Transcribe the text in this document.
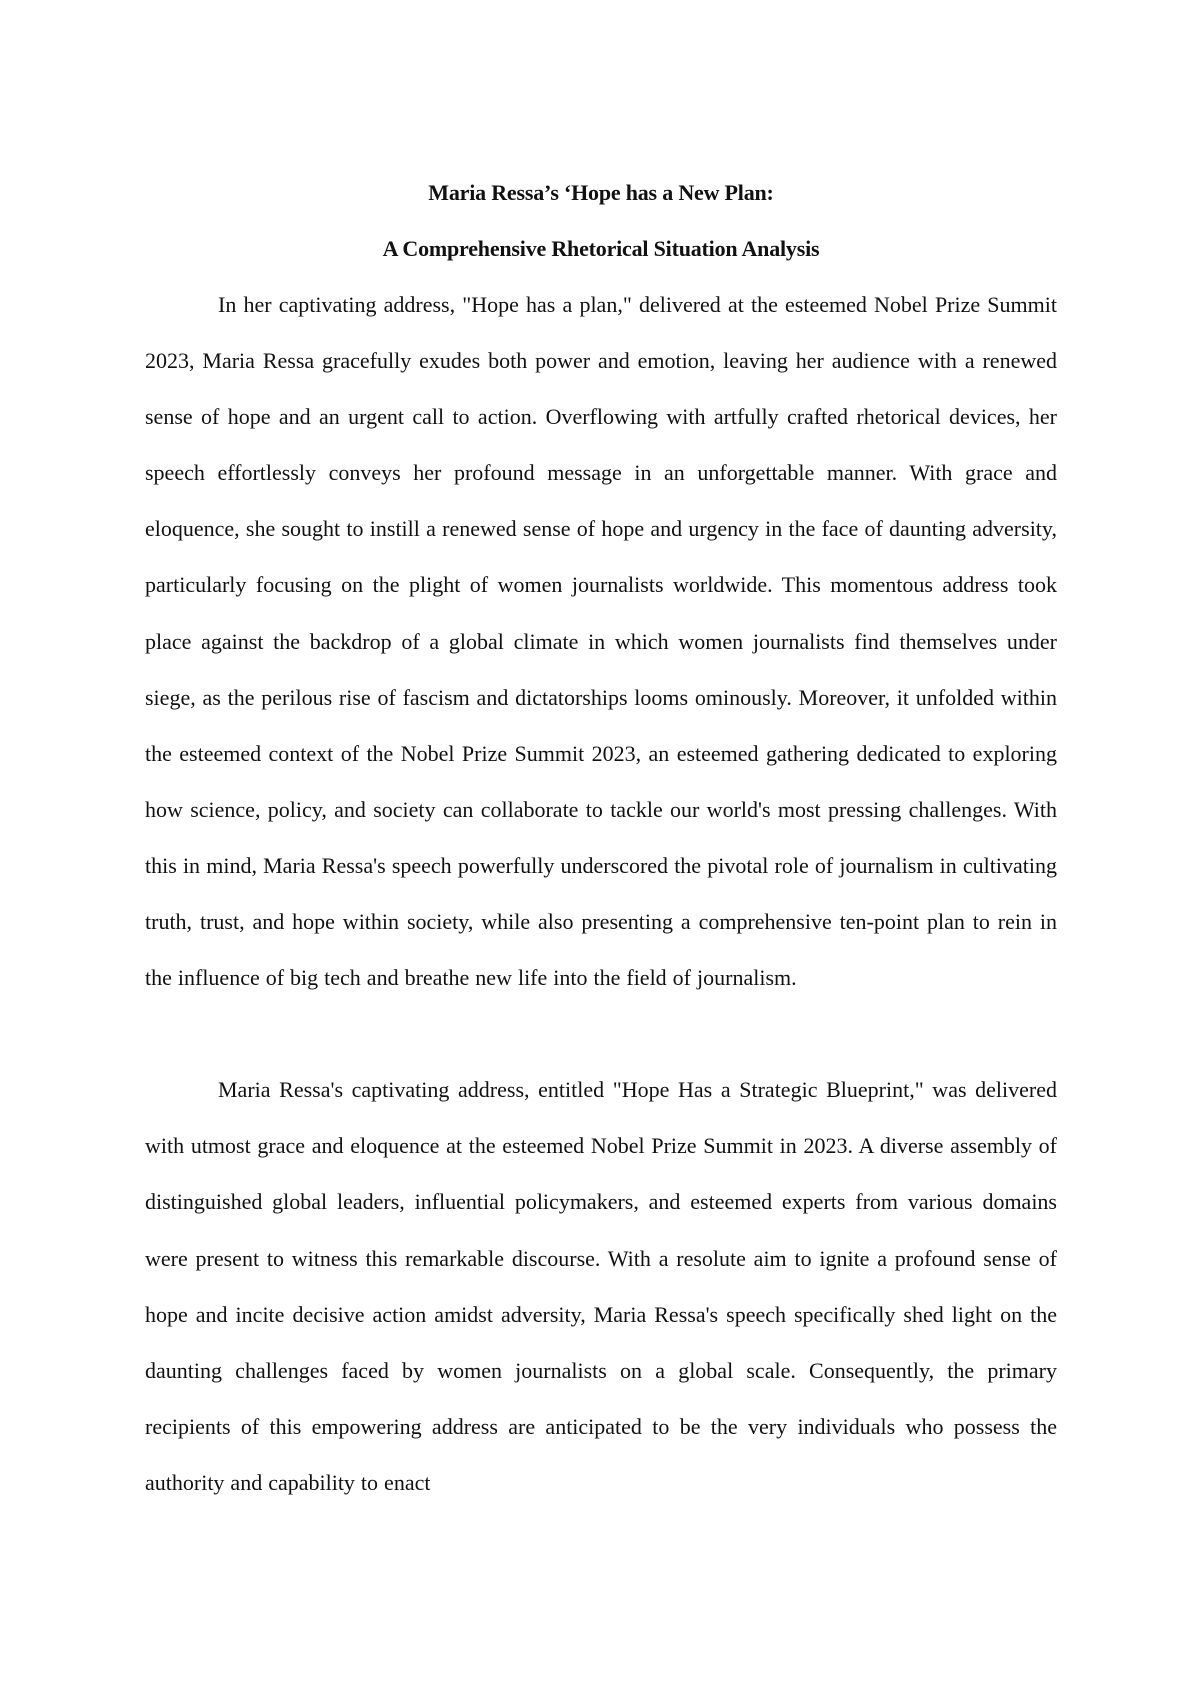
Maria Ressa’s ‘Hope has a New Plan:

A Comprehensive Rhetorical Situation Analysis

In her captivating address, "Hope has a plan," delivered at the esteemed Nobel Prize Summit 2023, Maria Ressa gracefully exudes both power and emotion, leaving her audience with a renewed sense of hope and an urgent call to action. Overflowing with artfully crafted rhetorical devices, her speech effortlessly conveys her profound message in an unforgettable manner. With grace and eloquence, she sought to instill a renewed sense of hope and urgency in the face of daunting adversity, particularly focusing on the plight of women journalists worldwide. This momentous address took place against the backdrop of a global climate in which women journalists find themselves under siege, as the perilous rise of fascism and dictatorships looms ominously. Moreover, it unfolded within the esteemed context of the Nobel Prize Summit 2023, an esteemed gathering dedicated to exploring how science, policy, and society can collaborate to tackle our world's most pressing challenges. With this in mind, Maria Ressa's speech powerfully underscored the pivotal role of journalism in cultivating truth, trust, and hope within society, while also presenting a comprehensive ten-point plan to rein in the influence of big tech and breathe new life into the field of journalism.

Maria Ressa's captivating address, entitled "Hope Has a Strategic Blueprint," was delivered with utmost grace and eloquence at the esteemed Nobel Prize Summit in 2023. A diverse assembly of distinguished global leaders, influential policymakers, and esteemed experts from various domains were present to witness this remarkable discourse. With a resolute aim to ignite a profound sense of hope and incite decisive action amidst adversity, Maria Ressa's speech specifically shed light on the daunting challenges faced by women journalists on a global scale. Consequently, the primary recipients of this empowering address are anticipated to be the very individuals who possess the authority and capability to enact
